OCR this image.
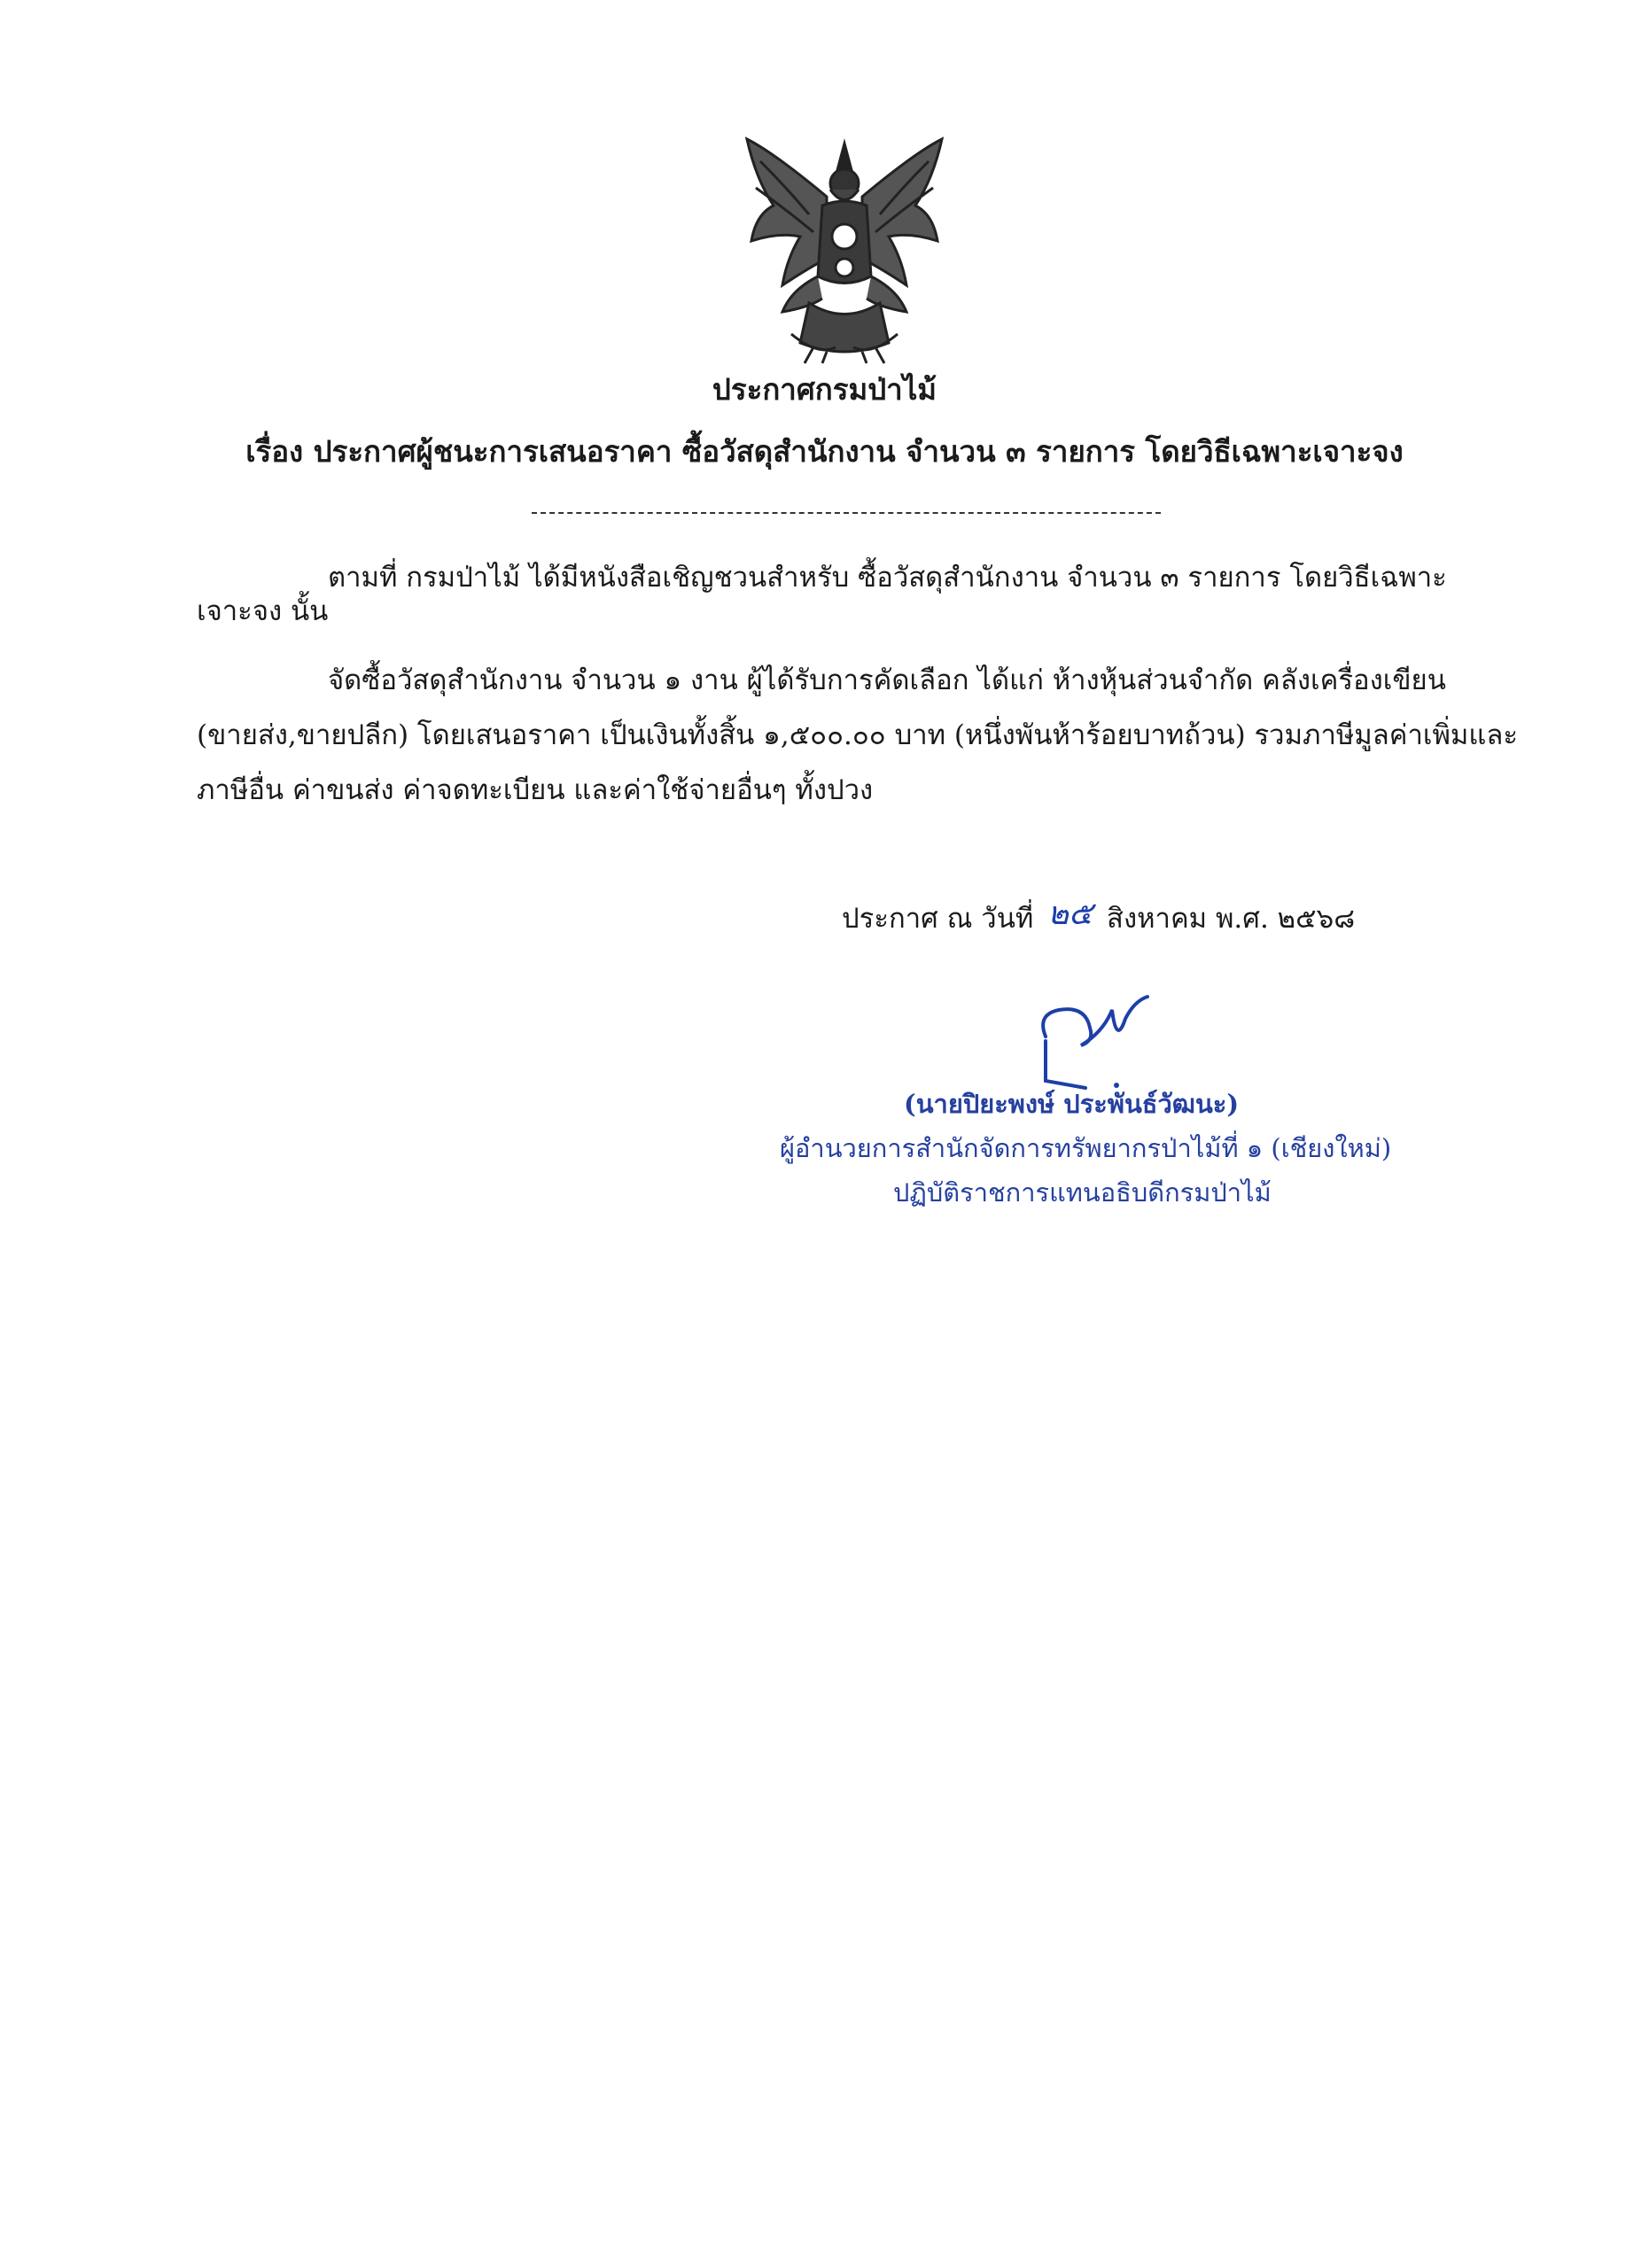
ประกาศกรมป่าไม้
เรื่อง ประกาศผู้ชนะการเสนอราคา ซื้อวัสดุสำนักงาน จำนวน ๓ รายการ โดยวิธีเฉพาะเจาะจง
ตามที่ กรมป่าไม้ ได้มีหนังสือเชิญชวนสำหรับ ซื้อวัสดุสำนักงาน จำนวน ๓ รายการ โดยวิธีเฉพาะ
เจาะจง นั้น
จัดซื้อวัสดุสำนักงาน จำนวน ๑ งาน ผู้ได้รับการคัดเลือก ได้แก่ ห้างหุ้นส่วนจำกัด คลังเครื่องเขียน
(ขายส่ง,ขายปลีก) โดยเสนอราคา เป็นเงินทั้งสิ้น ๑,๕๐๐.๐๐ บาท (หนึ่งพันห้าร้อยบาทถ้วน) รวมภาษีมูลค่าเพิ่มและ
ภาษีอื่น ค่าขนส่ง ค่าจดทะเบียน และค่าใช้จ่ายอื่นๆ ทั้งปวง
ประกาศ ณ วันที่ ๒๕ สิงหาคม พ.ศ. ๒๕๖๘
(นายปิยะพงษ์ ประพันธ์วัฒนะ)
ผู้อำนวยการสำนักจัดการทรัพยากรป่าไม้ที่ ๑ (เชียงใหม่)
ปฏิบัติราชการแทนอธิบดีกรมป่าไม้
